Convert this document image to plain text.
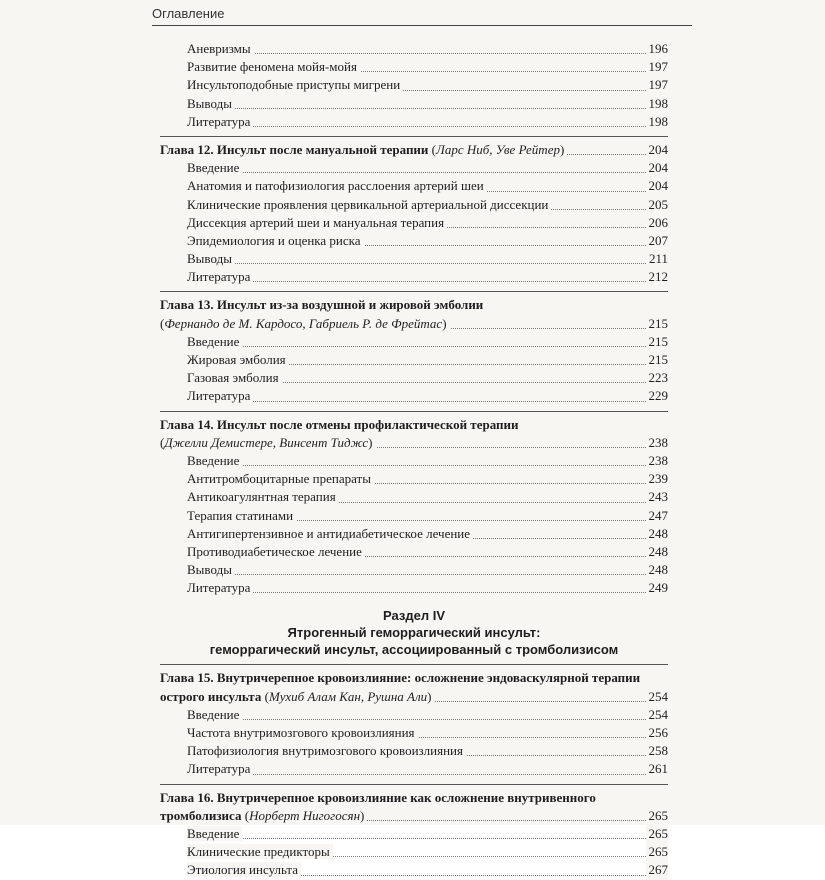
Оглавление
Аневризмы	196
Развитие феномена мойя-мойя	197
Инсультоподобные приступы мигрени	197
Выводы	198
Литература	198
Глава 12. Инсульт после мануальной терапии (Ларс Ниб, Уве Рейтер)	204
Введение	204
Анатомия и патофизиология расслоения артерий шеи	204
Клинические проявления цервикальной артериальной диссекции	205
Диссекция артерий шеи и мануальная терапия	206
Эпидемиология и оценка риска	207
Выводы	211
Литература	212
Глава 13. Инсульт из-за воздушной и жировой эмболии
(Фернандо де М. Кардосо, Габриель Р. де Фрейтас)	215
Введение	215
Жировая эмболия	215
Газовая эмболия	223
Литература	229
Глава 14. Инсульт после отмены профилактической терапии
(Джелли Демистере, Винсент Тиджс)	238
Введение	238
Антитромбоцитарные препараты	239
Антикоагулянтная терапия	243
Терапия статинами	247
Антигипертензивное и антидиабетическое лечение	248
Противодиабетическое лечение	248
Выводы	248
Литература	249
Раздел IV
Ятрогенный геморрагический инсульт:
геморрагический инсульт, ассоциированный с тромболизисом
Глава 15. Внутричерепное кровоизлияние: осложнение эндоваскулярной терапии
острого инсульта (Мухиб Алам Кан, Рушна Али)	254
Введение	254
Частота внутримозгового кровоизлияния	256
Патофизиология внутримозгового кровоизлияния	258
Литература	261
Глава 16. Внутричерепное кровоизлияние как осложнение внутривенного
тромболизиса (Норберт Нигогосян)	265
Введение	265
Клинические предикторы	265
Этиология инсульта	267
